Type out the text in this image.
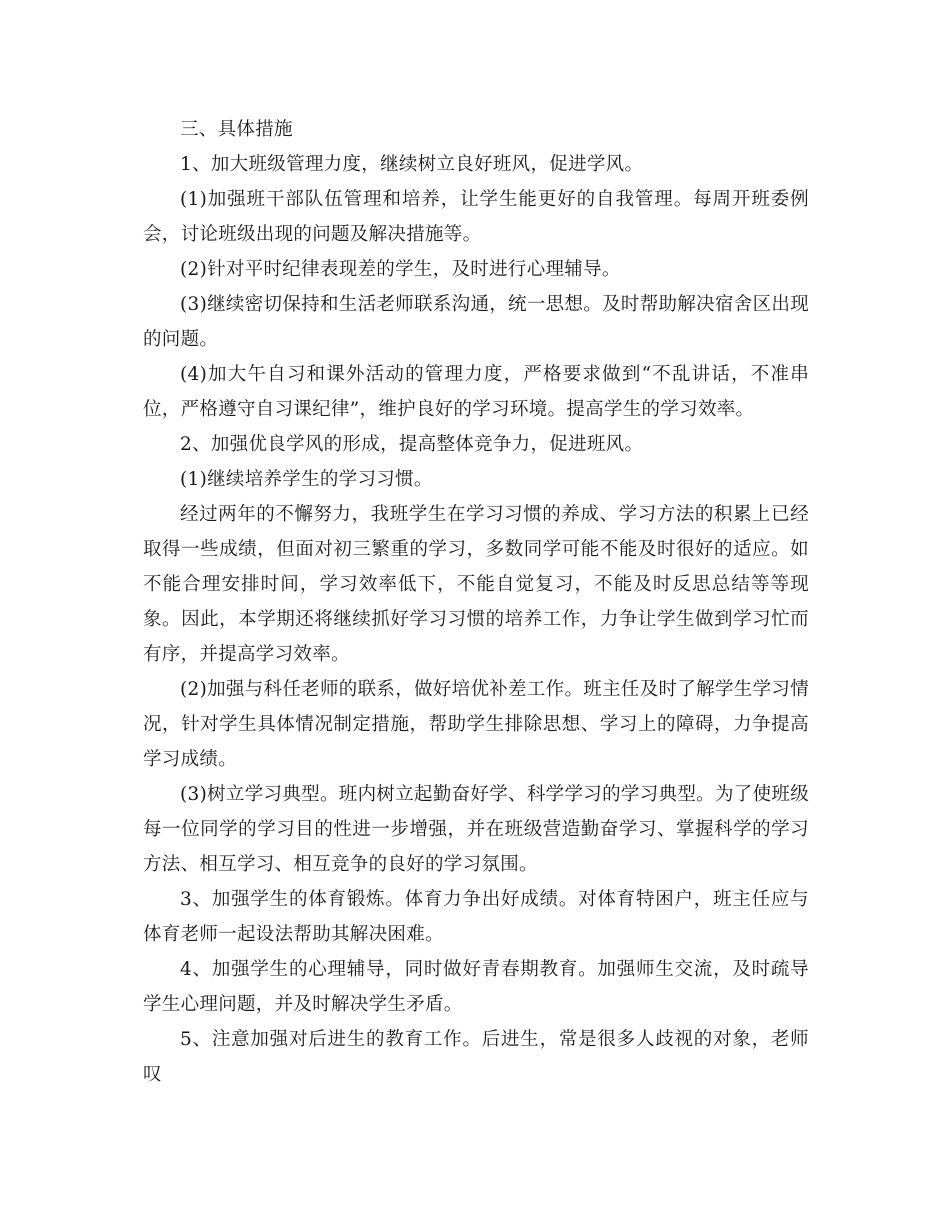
三、具体措施

1、加大班级管理力度，继续树立良好班风，促进学风。

(1)加强班干部队伍管理和培养，让学生能更好的自我管理。每周开班委例会，讨论班级出现的问题及解决措施等。

(2)针对平时纪律表现差的学生，及时进行心理辅导。

(3)继续密切保持和生活老师联系沟通，统一思想。及时帮助解决宿舍区出现的问题。

(4)加大午自习和课外活动的管理力度，严格要求做到“不乱讲话，不准串位，严格遵守自习课纪律”，维护良好的学习环境。提高学生的学习效率。

2、加强优良学风的形成，提高整体竞争力，促进班风。

(1)继续培养学生的学习习惯。

经过两年的不懈努力，我班学生在学习习惯的养成、学习方法的积累上已经取得一些成绩，但面对初三繁重的学习，多数同学可能不能及时很好的适应。如不能合理安排时间，学习效率低下，不能自觉复习，不能及时反思总结等等现象。因此，本学期还将继续抓好学习习惯的培养工作，力争让学生做到学习忙而有序，并提高学习效率。

(2)加强与科任老师的联系，做好培优补差工作。班主任及时了解学生学习情况，针对学生具体情况制定措施，帮助学生排除思想、学习上的障碍，力争提高学习成绩。

(3)树立学习典型。班内树立起勤奋好学、科学学习的学习典型。为了使班级每一位同学的学习目的性进一步增强，并在班级营造勤奋学习、掌握科学的学习方法、相互学习、相互竞争的良好的学习氛围。

3、加强学生的体育锻炼。体育力争出好成绩。对体育特困户，班主任应与体育老师一起设法帮助其解决困难。

4、加强学生的心理辅导，同时做好青春期教育。加强师生交流，及时疏导学生心理问题，并及时解决学生矛盾。

5、注意加强对后进生的教育工作。后进生，常是很多人歧视的对象，老师叹
